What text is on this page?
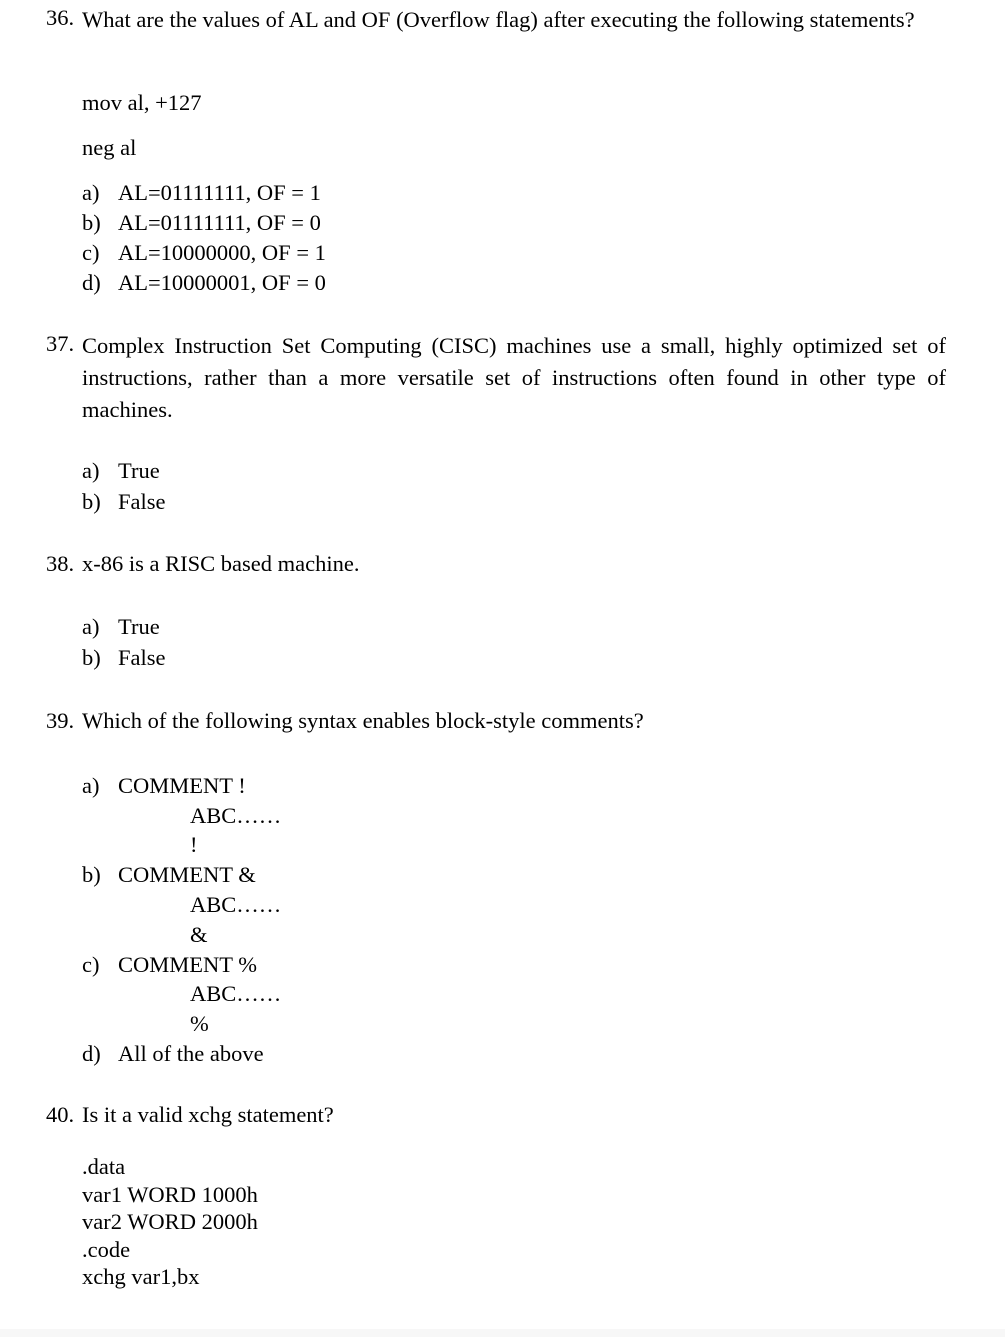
36. What are the values of AL and OF (Overflow flag) after executing the following statements?
mov al, +127
neg al
a) AL=01111111, OF = 1
b) AL=01111111, OF = 0
c) AL=10000000, OF = 1
d) AL=10000001, OF = 0
37. Complex Instruction Set Computing (CISC) machines use a small, highly optimized set of instructions, rather than a more versatile set of instructions often found in other type of machines.
a) True
b) False
38. x-86 is a RISC based machine.
a) True
b) False
39. Which of the following syntax enables block-style comments?
a) COMMENT !
ABC……
!
b) COMMENT &
ABC……
&
c) COMMENT %
ABC……
%
d) All of the above
40. Is it a valid xchg statement?
.data
var1 WORD 1000h
var2 WORD 2000h
.code
xchg var1,bx
